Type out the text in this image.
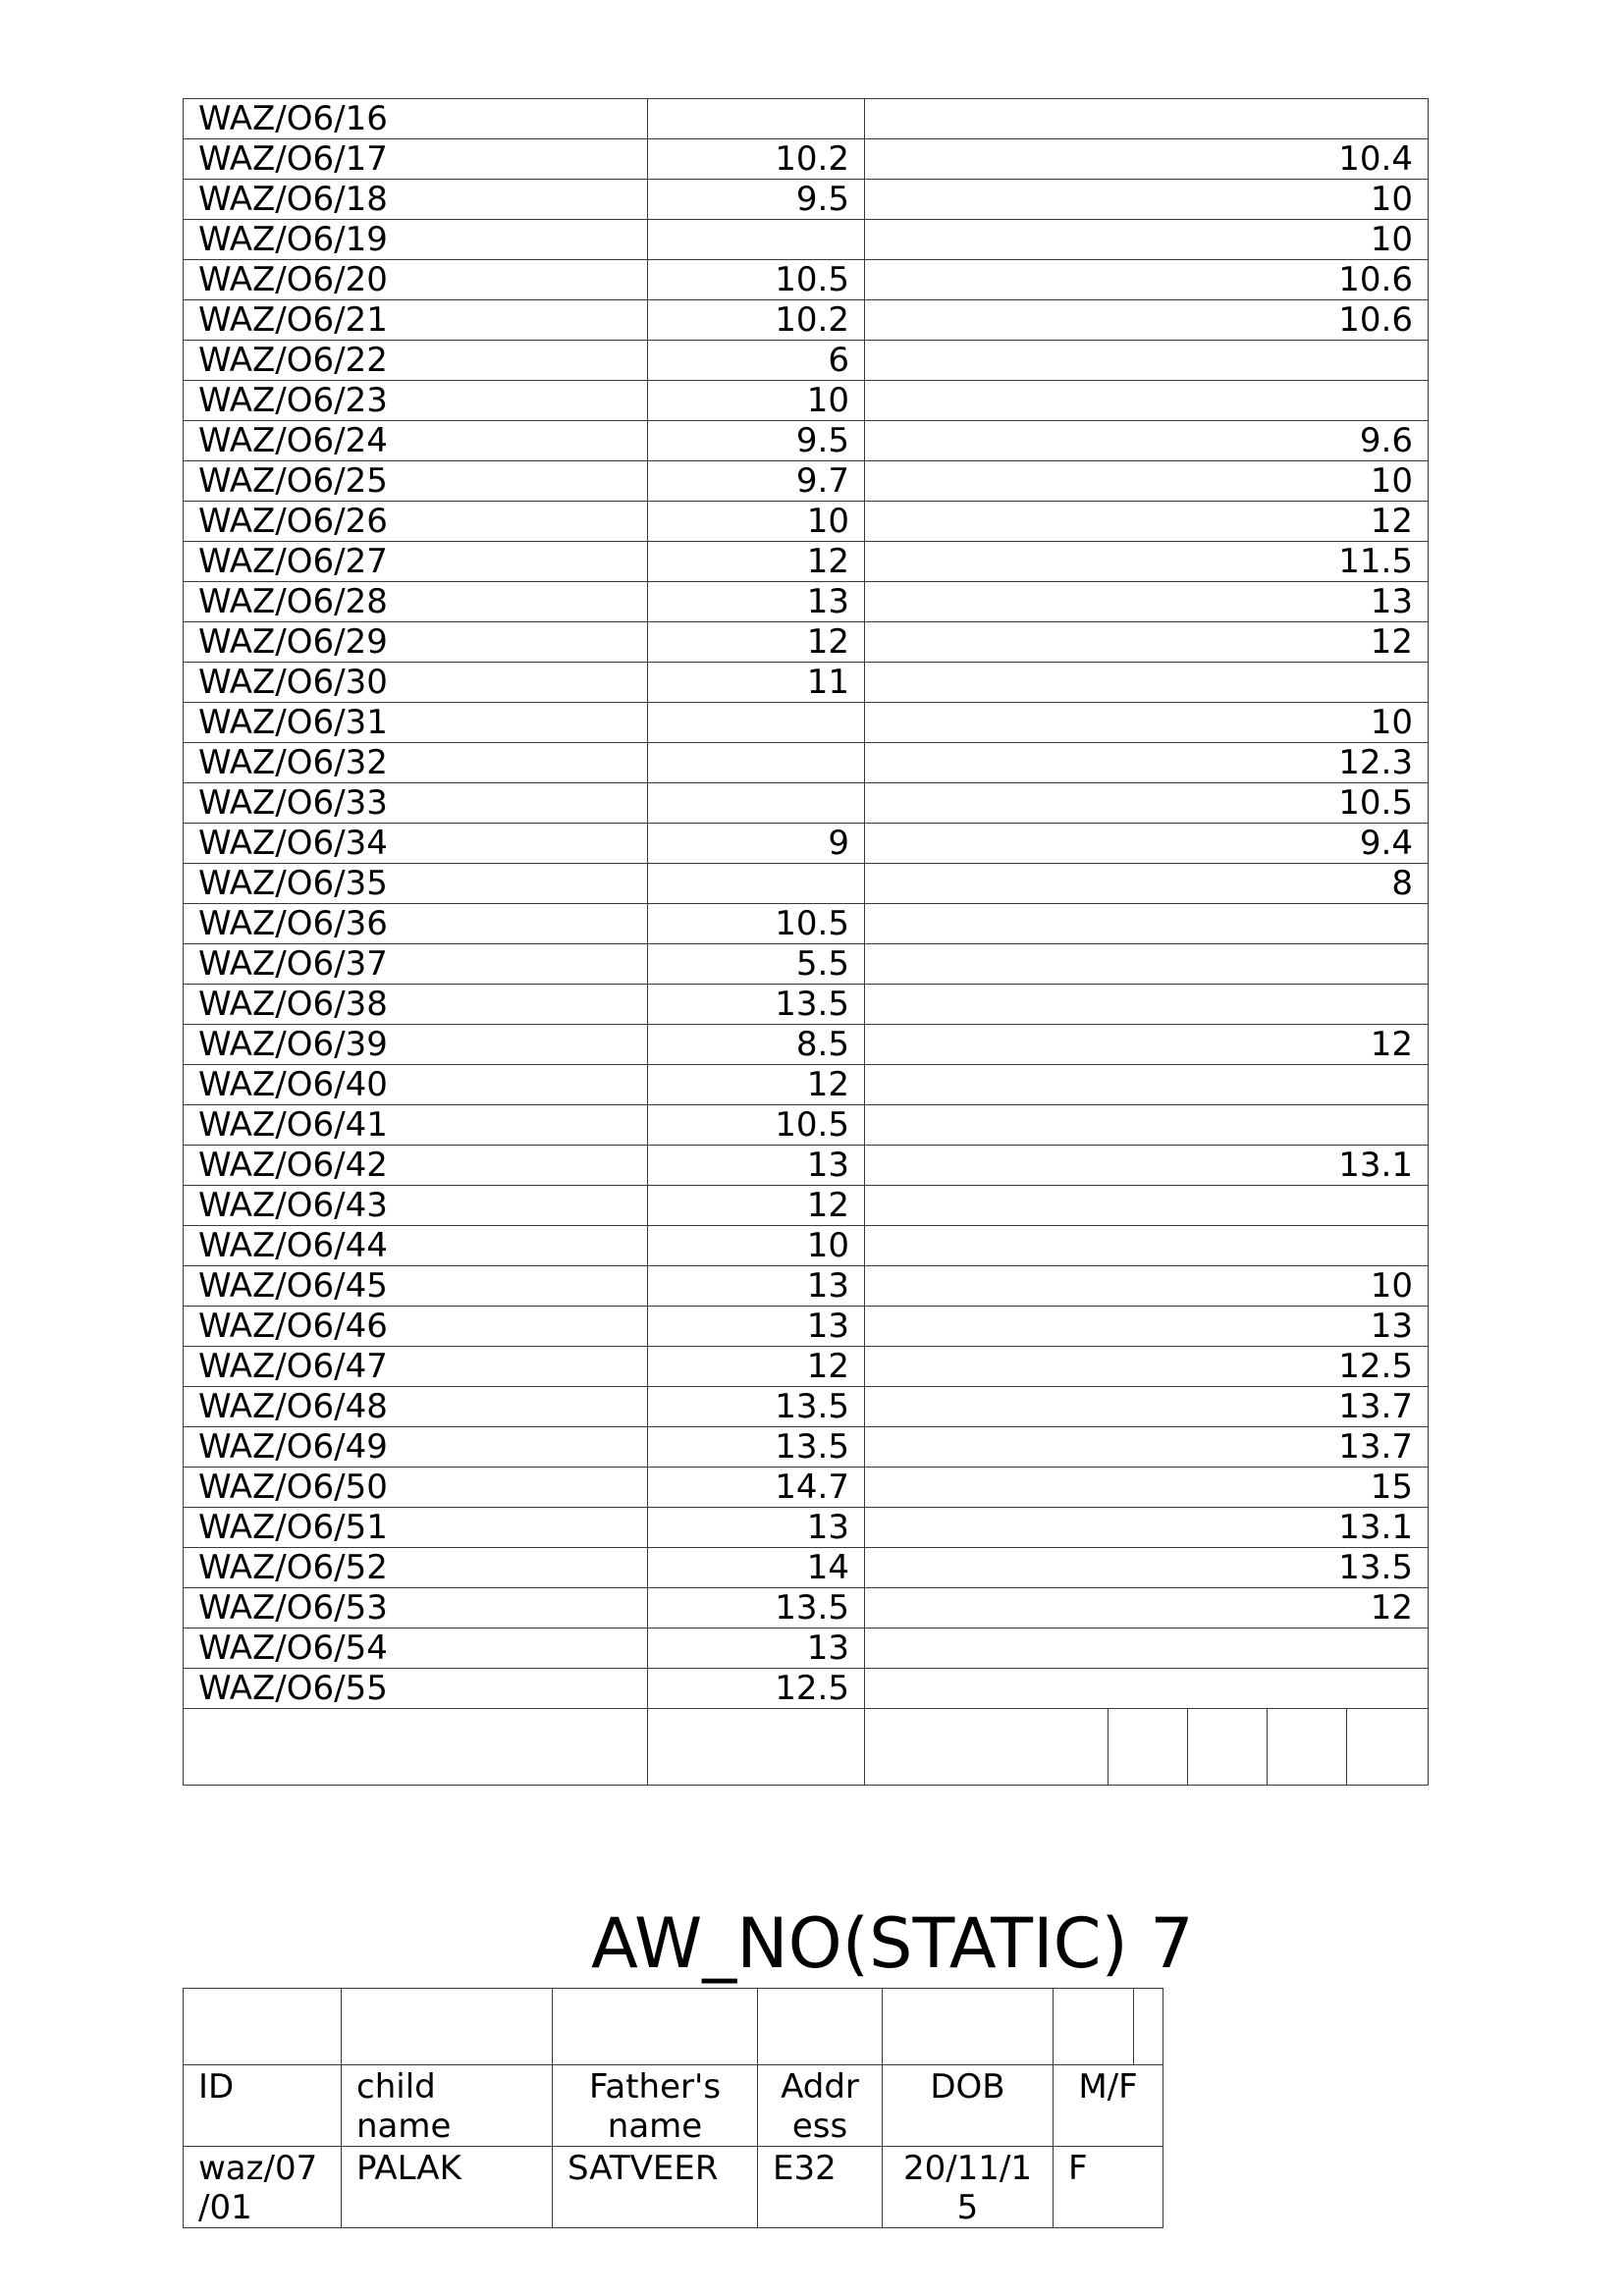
WAZ/O6/16		
WAZ/O6/17	10.2	10.4
WAZ/O6/18	9.5	10
WAZ/O6/19		10
WAZ/O6/20	10.5	10.6
WAZ/O6/21	10.2	10.6
WAZ/O6/22	6	
WAZ/O6/23	10	
WAZ/O6/24	9.5	9.6
WAZ/O6/25	9.7	10
WAZ/O6/26	10	12
WAZ/O6/27	12	11.5
WAZ/O6/28	13	13
WAZ/O6/29	12	12
WAZ/O6/30	11	
WAZ/O6/31		10
WAZ/O6/32		12.3
WAZ/O6/33		10.5
WAZ/O6/34	9	9.4
WAZ/O6/35		8
WAZ/O6/36	10.5	
WAZ/O6/37	5.5	
WAZ/O6/38	13.5	
WAZ/O6/39	8.5	12
WAZ/O6/40	12	
WAZ/O6/41	10.5	
WAZ/O6/42	13	13.1
WAZ/O6/43	12	
WAZ/O6/44	10	
WAZ/O6/45	13	10
WAZ/O6/46	13	13
WAZ/O6/47	12	12.5
WAZ/O6/48	13.5	13.7
WAZ/O6/49	13.5	13.7
WAZ/O6/50	14.7	15
WAZ/O6/51	13	13.1
WAZ/O6/52	14	13.5
WAZ/O6/53	13.5	12
WAZ/O6/54	13	
WAZ/O6/55	12.5	

AW_NO(STATIC) 7

ID	child name	Father's name	Addr ess	DOB	M/F
waz/07 /01	PALAK	SATVEER	E32	20/11/1 5	F
